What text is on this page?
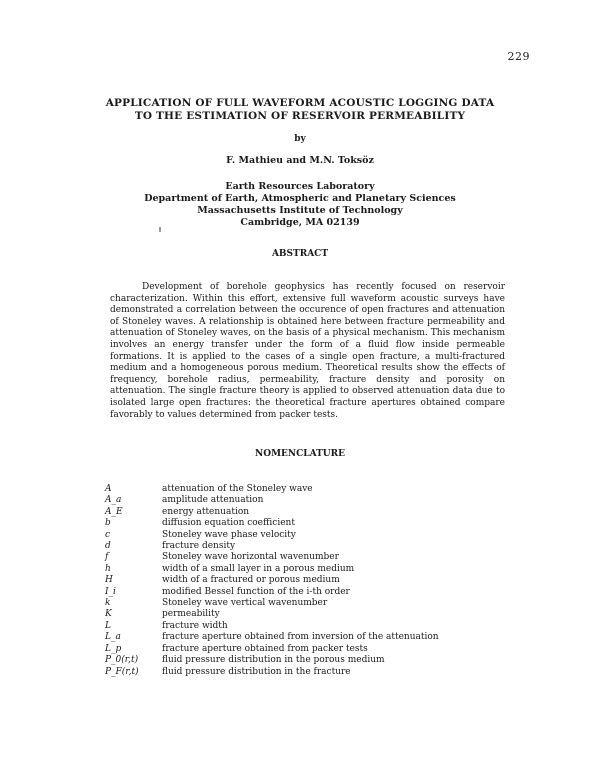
229
APPLICATION OF FULL WAVEFORM ACOUSTIC LOGGING DATA
TO THE ESTIMATION OF RESERVOIR PERMEABILITY
by
F. Mathieu and M.N. Toksöz
Earth Resources Laboratory
Department of Earth, Atmospheric and Planetary Sciences
Massachusetts Institute of Technology
Cambridge, MA 02139
ABSTRACT
Development of borehole geophysics has recently focused on reservoir characterization. Within this effort, extensive full waveform acoustic surveys have demonstrated a correlation between the occurence of open fractures and attenuation of Stoneley waves. A relationship is obtained here between fracture permeability and attenuation of Stoneley waves, on the basis of a physical mechanism. This mechanism involves an energy transfer under the form of a fluid flow inside permeable formations. It is applied to the cases of a single open fracture, a multi-fractured medium and a homogeneous porous medium. Theoretical results show the effects of frequency, borehole radius, permeability, fracture density and porosity on attenuation. The single fracture theory is applied to observed attenuation data due to isolated large open fractures: the theoretical fracture apertures obtained compare favorably to values determined from packer tests.
NOMENCLATURE
A	attenuation of the Stoneley wave
A_a	amplitude attenuation
A_E	energy attenuation
b	diffusion equation coefficient
c	Stoneley wave phase velocity
d	fracture density
f	Stoneley wave horizontal wavenumber
h	width of a small layer in a porous medium
H	width of a fractured or porous medium
I_i	modified Bessel function of the i-th order
k	Stoneley wave vertical wavenumber
K	permeability
L	fracture width
L_a	fracture aperture obtained from inversion of the attenuation
L_p	fracture aperture obtained from packer tests
P_0(r,t)	fluid pressure distribution in the porous medium
P_F(r,t)	fluid pressure distribution in the fracture
